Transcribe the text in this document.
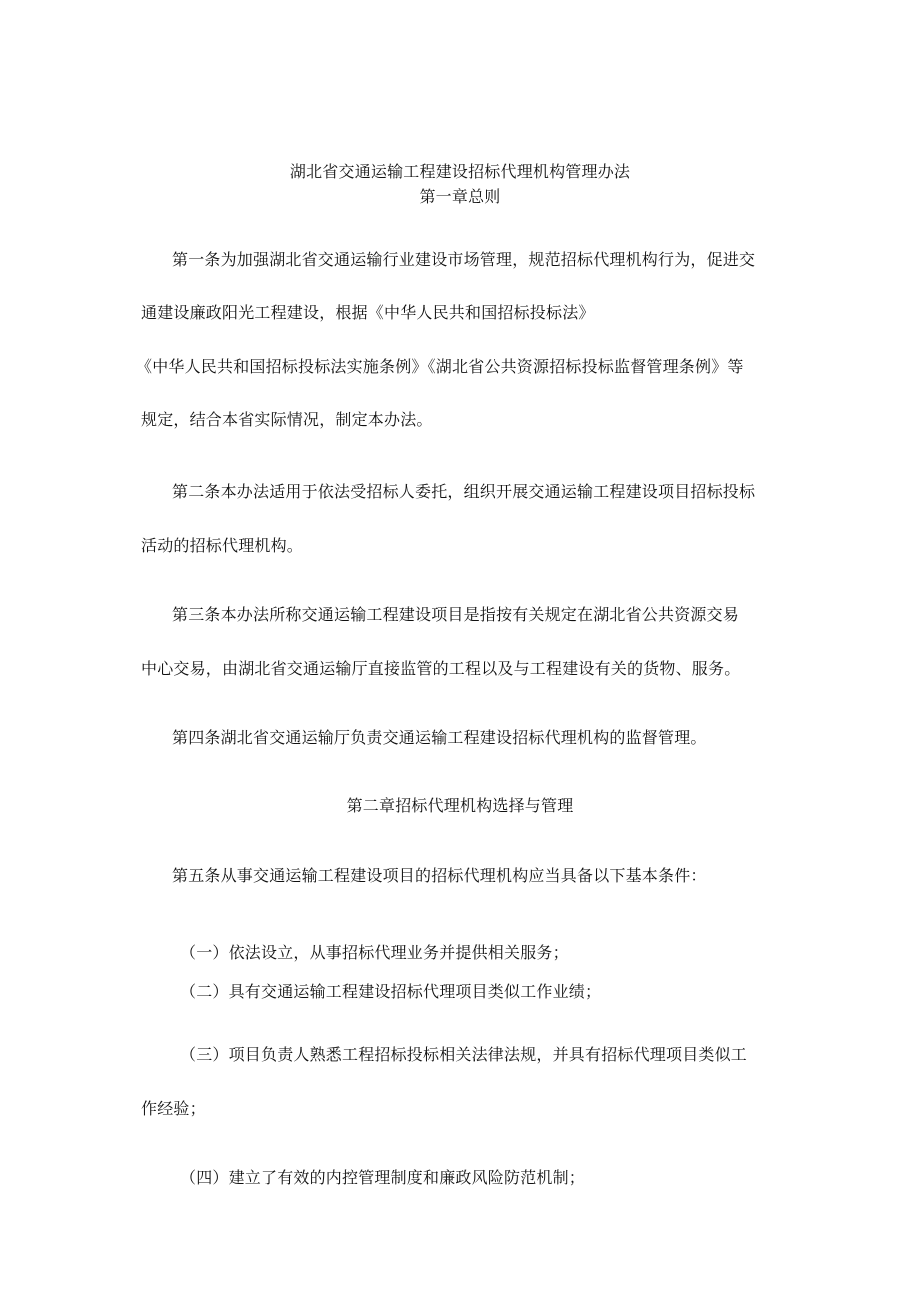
湖北省交通运输工程建设招标代理机构管理办法
第一章总则
第一条为加强湖北省交通运输行业建设市场管理，规范招标代理机构行为，促进交
通建设廉政阳光工程建设，根据《中华人民共和国招标投标法》
《中华人民共和国招标投标法实施条例》《湖北省公共资源招标投标监督管理条例》等
规定，结合本省实际情况，制定本办法。
第二条本办法适用于依法受招标人委托，组织开展交通运输工程建设项目招标投标
活动的招标代理机构。
第三条本办法所称交通运输工程建设项目是指按有关规定在湖北省公共资源交易
中心交易，由湖北省交通运输厅直接监管的工程以及与工程建设有关的货物、服务。
第四条湖北省交通运输厅负责交通运输工程建设招标代理机构的监督管理。
第二章招标代理机构选择与管理
第五条从事交通运输工程建设项目的招标代理机构应当具备以下基本条件：
（一）依法设立，从事招标代理业务并提供相关服务；
（二）具有交通运输工程建设招标代理项目类似工作业绩；
（三）项目负责人熟悉工程招标投标相关法律法规，并具有招标代理项目类似工
作经验；
（四）建立了有效的内控管理制度和廉政风险防范机制；
